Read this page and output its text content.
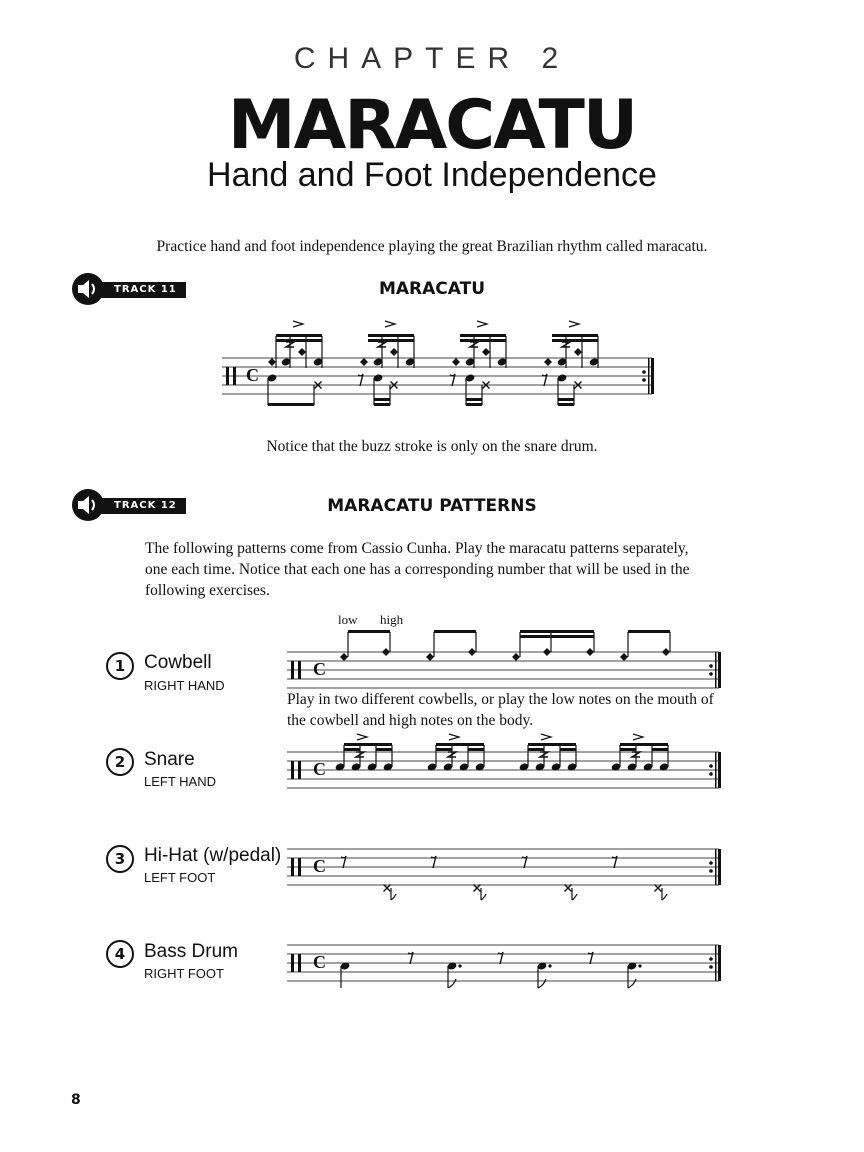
CHAPTER 2
MARACATU
Hand and Foot Independence
Practice hand and foot independence playing the great Brazilian rhythm called maracatu.
TRACK 11	MARACATU
C
Notice that the buzz stroke is only on the snare drum.
TRACK 12	MARACATU PATTERNS
The following patterns come from Cassio Cunha. Play the maracatu patterns separately,
one each time. Notice that each one has a corresponding number that will be used in the
following exercises.
1 Cowbell
RIGHT HAND
2 Snare
LEFT HAND
3 Hi-Hat (w/pedal)
LEFT FOOT
4 Bass Drum
RIGHT FOOT
low high
C
C
C
C
Play in two different cowbells, or play the low notes on the mouth of
the cowbell and high notes on the body.
8
